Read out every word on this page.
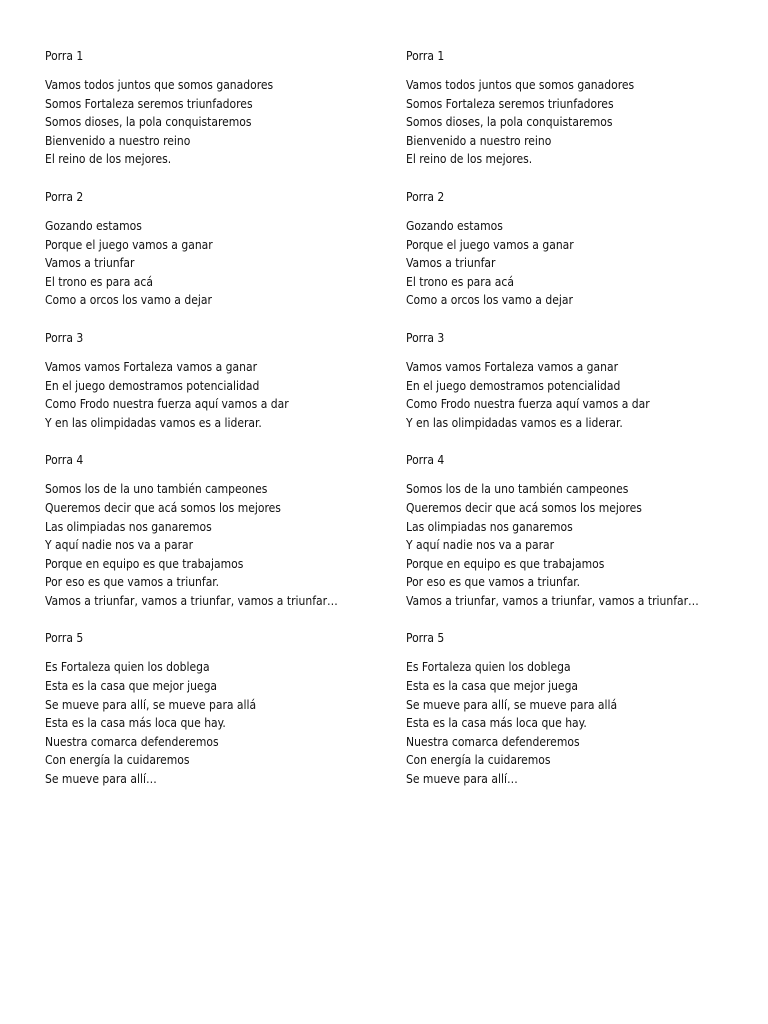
Porra 1
Vamos todos juntos que somos ganadores
Somos Fortaleza seremos triunfadores
Somos dioses, la pola conquistaremos
Bienvenido a nuestro reino
El reino de los mejores.
Porra 2
Gozando estamos
Porque el juego vamos a ganar
Vamos a triunfar
El trono es para acá
Como a orcos los vamo a dejar
Porra 3
Vamos vamos Fortaleza vamos a ganar
En el juego demostramos potencialidad
Como Frodo nuestra fuerza aquí vamos a dar
Y en las olimpidadas vamos es a liderar.
Porra 4
Somos los de la uno también campeones
Queremos decir que acá somos los mejores
Las olimpiadas nos ganaremos
Y aquí nadie nos va a parar
Porque en equipo es que trabajamos
Por eso es que vamos a triunfar.
Vamos a triunfar, vamos a triunfar, vamos a triunfar…
Porra 5
Es Fortaleza quien los doblega
Esta es la casa que mejor juega
Se mueve para allí, se mueve para allá
Esta es la casa más loca que hay.
Nuestra comarca defenderemos
Con energía la cuidaremos
Se mueve para allí…
Porra 1
Vamos todos juntos que somos ganadores
Somos Fortaleza seremos triunfadores
Somos dioses, la pola conquistaremos
Bienvenido a nuestro reino
El reino de los mejores.
Porra 2
Gozando estamos
Porque el juego vamos a ganar
Vamos a triunfar
El trono es para acá
Como a orcos los vamo a dejar
Porra 3
Vamos vamos Fortaleza vamos a ganar
En el juego demostramos potencialidad
Como Frodo nuestra fuerza aquí vamos a dar
Y en las olimpidadas vamos es a liderar.
Porra 4
Somos los de la uno también campeones
Queremos decir que acá somos los mejores
Las olimpiadas nos ganaremos
Y aquí nadie nos va a parar
Porque en equipo es que trabajamos
Por eso es que vamos a triunfar.
Vamos a triunfar, vamos a triunfar, vamos a triunfar…
Porra 5
Es Fortaleza quien los doblega
Esta es la casa que mejor juega
Se mueve para allí, se mueve para allá
Esta es la casa más loca que hay.
Nuestra comarca defenderemos
Con energía la cuidaremos
Se mueve para allí…
